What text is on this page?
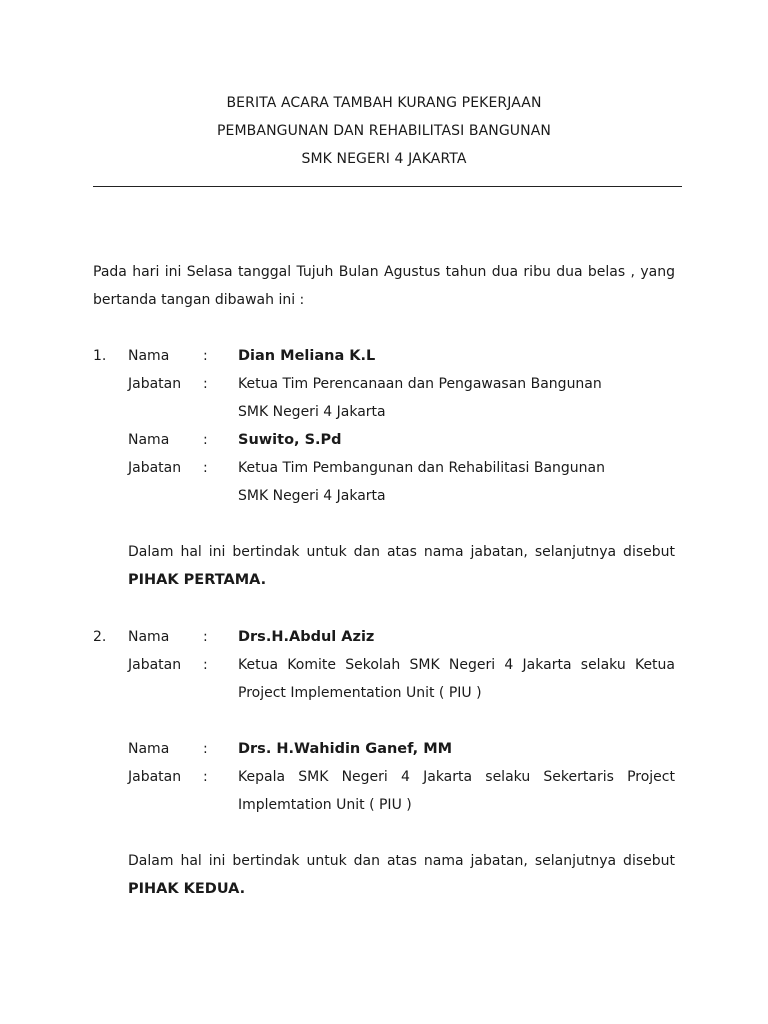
BERITA ACARA TAMBAH KURANG PEKERJAAN
PEMBANGUNAN DAN REHABILITASI BANGUNAN
SMK NEGERI 4 JAKARTA
Pada hari ini Selasa tanggal Tujuh Bulan Agustus tahun dua ribu dua belas , yang
bertanda tangan dibawah ini :
1. Nama : Dian Meliana K.L
Jabatan : Ketua Tim Perencanaan dan Pengawasan Bangunan
SMK Negeri 4 Jakarta
Nama : Suwito, S.Pd
Jabatan : Ketua Tim Pembangunan dan Rehabilitasi Bangunan
SMK Negeri 4 Jakarta
Dalam hal ini bertindak untuk dan atas nama jabatan, selanjutnya disebut
PIHAK PERTAMA.
2. Nama : Drs.H.Abdul Aziz
Jabatan : Ketua Komite Sekolah SMK Negeri 4 Jakarta selaku Ketua
Project Implementation Unit ( PIU )
Nama : Drs. H.Wahidin Ganef, MM
Jabatan : Kepala SMK Negeri 4 Jakarta selaku Sekertaris Project
Implemtation Unit ( PIU )
Dalam hal ini bertindak untuk dan atas nama jabatan, selanjutnya disebut
PIHAK KEDUA.
